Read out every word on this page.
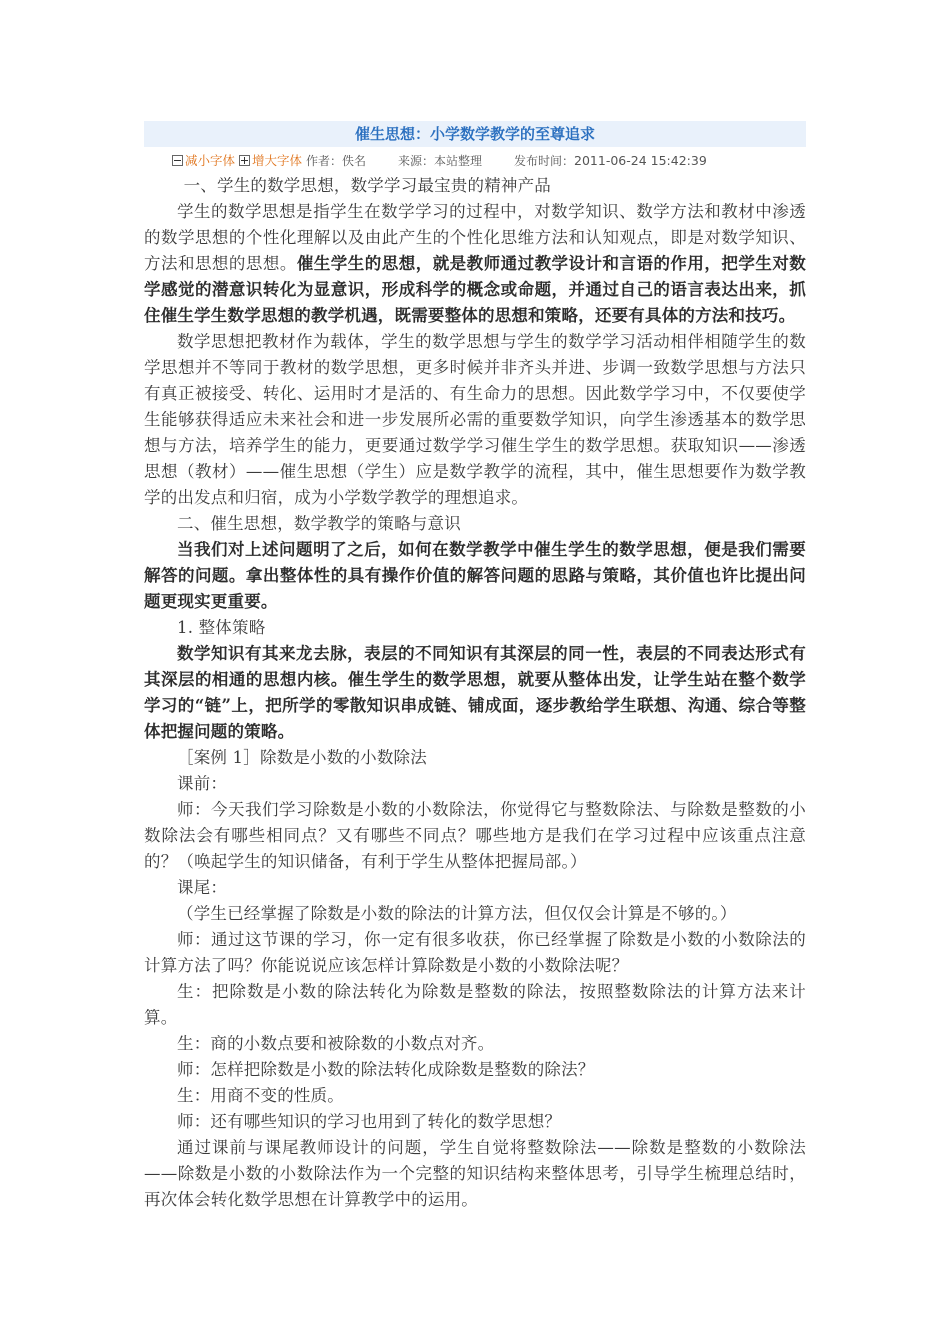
催生思想：小学数学教学的至尊追求
减小字体 增大字体 作者：佚名	来源：本站整理	发布时间：2011-06-24 15:42:39

一、学生的数学思想，数学学习最宝贵的精神产品

学生的数学思想是指学生在数学学习的过程中，对数学知识、数学方法和教材中渗透的数学思想的个性化理解以及由此产生的个性化思维方法和认知观点，即是对数学知识、方法和思想的思想。催生学生的思想，就是教师通过教学设计和言语的作用，把学生对数学感觉的潜意识转化为显意识，形成科学的概念或命题，并通过自己的语言表达出来，抓住催生学生数学思想的教学机遇，既需要整体的思想和策略，还要有具体的方法和技巧。

数学思想把教材作为载体，学生的数学思想与学生的数学学习活动相伴相随学生的数学思想并不等同于教材的数学思想，更多时候并非齐头并进、步调一致数学思想与方法只有真正被接受、转化、运用时才是活的、有生命力的思想。因此数学学习中，不仅要使学生能够获得适应未来社会和进一步发展所必需的重要数学知识，向学生渗透基本的数学思想与方法，培养学生的能力，更要通过数学学习催生学生的数学思想。获取知识——渗透思想（教材）——催生思想（学生）应是数学教学的流程，其中，催生思想要作为数学教学的出发点和归宿，成为小学数学教学的理想追求。

二、催生思想，数学教学的策略与意识

当我们对上述问题明了之后，如何在数学教学中催生学生的数学思想，便是我们需要解答的问题。拿出整体性的具有操作价值的解答问题的思路与策略，其价值也许比提出问题更现实更重要。

1. 整体策略

数学知识有其来龙去脉，表层的不同知识有其深层的同一性，表层的不同表达形式有其深层的相通的思想内核。催生学生的数学思想，就要从整体出发，让学生站在整个数学学习的“链”上，把所学的零散知识串成链、铺成面，逐步教给学生联想、沟通、综合等整体把握问题的策略。

［案例 1］除数是小数的小数除法

课前：

师：今天我们学习除数是小数的小数除法，你觉得它与整数除法、与除数是整数的小数除法会有哪些相同点？又有哪些不同点？哪些地方是我们在学习过程中应该重点注意的？（唤起学生的知识储备，有利于学生从整体把握局部。）

课尾：

（学生已经掌握了除数是小数的除法的计算方法，但仅仅会计算是不够的。）

师：通过这节课的学习，你一定有很多收获，你已经掌握了除数是小数的小数除法的计算方法了吗？你能说说应该怎样计算除数是小数的小数除法呢？

生：把除数是小数的除法转化为除数是整数的除法，按照整数除法的计算方法来计算。

生：商的小数点要和被除数的小数点对齐。

师：怎样把除数是小数的除法转化成除数是整数的除法？

生：用商不变的性质。

师：还有哪些知识的学习也用到了转化的数学思想？

通过课前与课尾教师设计的问题，学生自觉将整数除法——除数是整数的小数除法——除数是小数的小数除法作为一个完整的知识结构来整体思考，引导学生梳理总结时，再次体会转化数学思想在计算教学中的运用。
